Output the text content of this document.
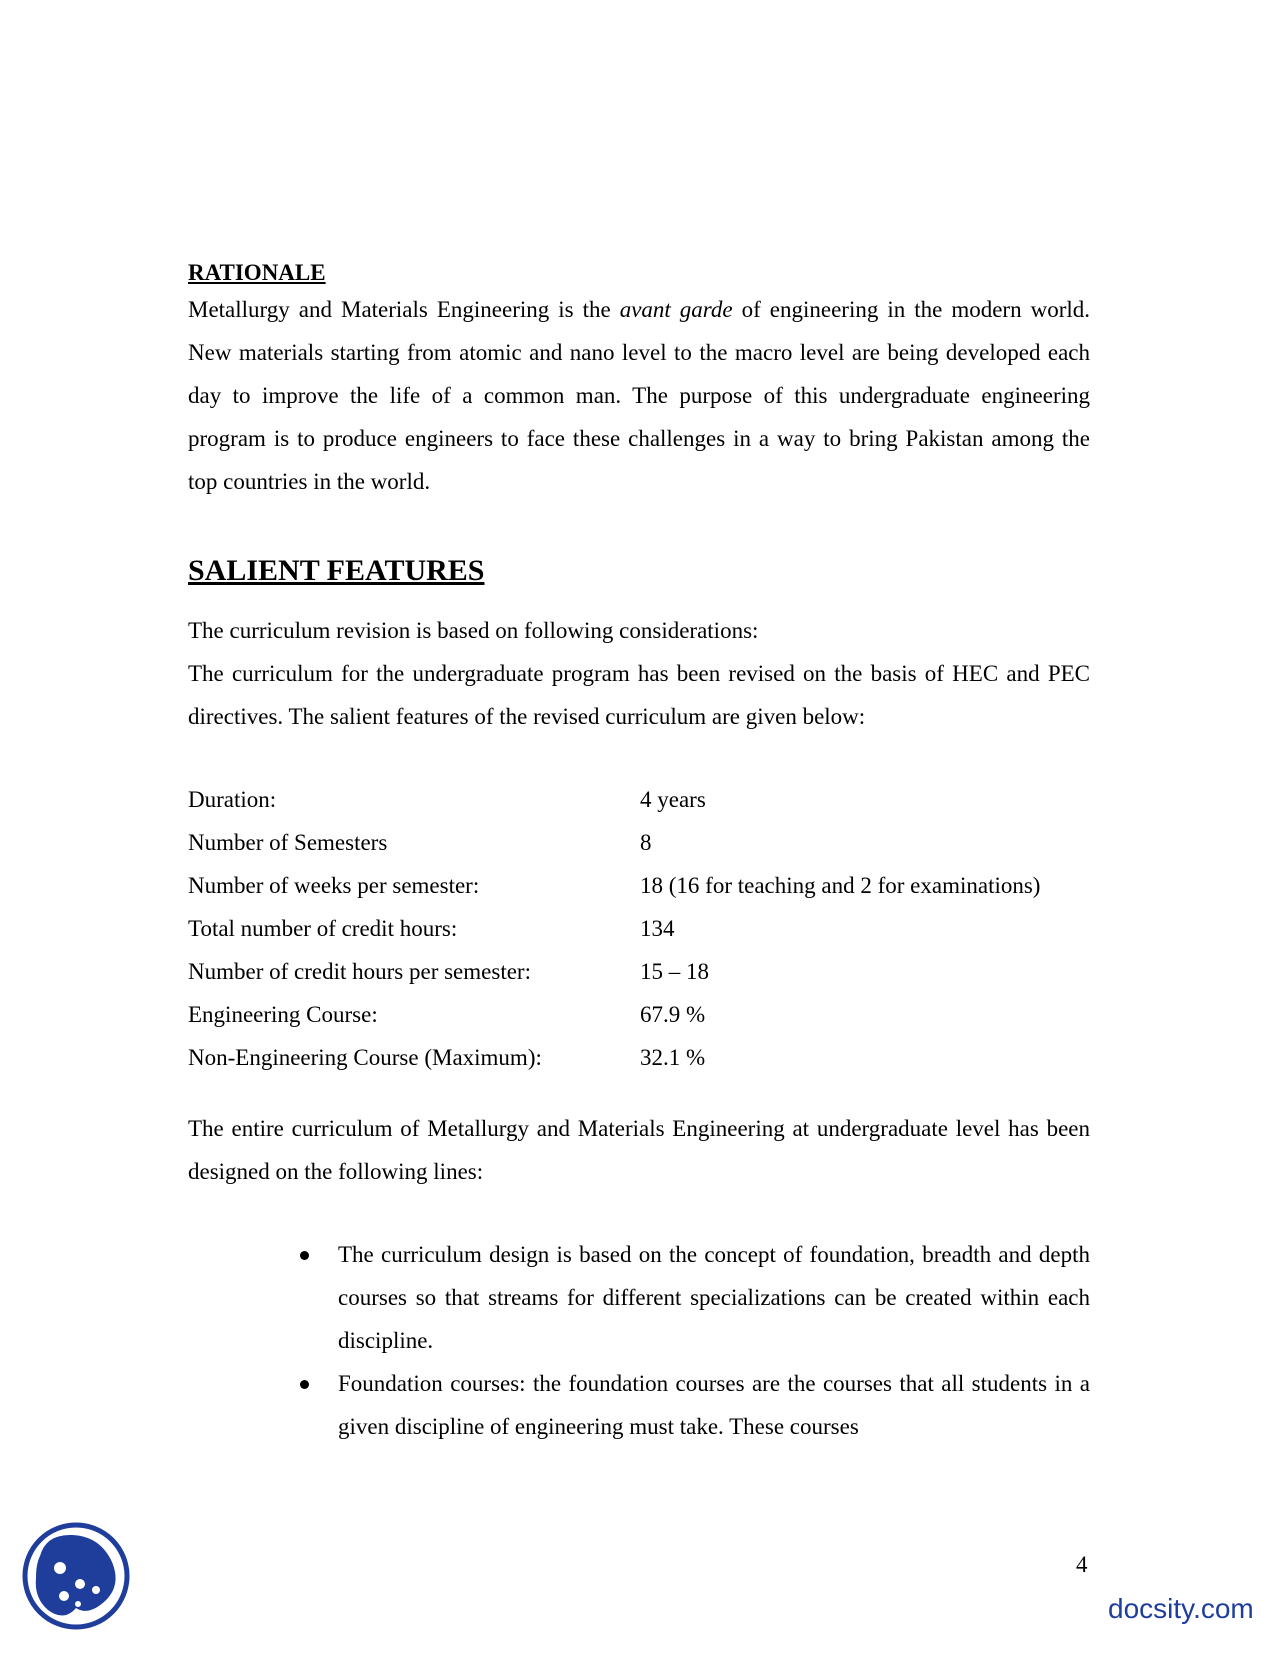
RATIONALE

Metallurgy and Materials Engineering is the avant garde of engineering in the modern world. New materials starting from atomic and nano level to the macro level are being developed each day to improve the life of a common man. The purpose of this undergraduate engineering program is to produce engineers to face these challenges in a way to bring Pakistan among the top countries in the world.

SALIENT FEATURES

The curriculum revision is based on following considerations:

The curriculum for the undergraduate program has been revised on the basis of HEC and PEC directives. The salient features of the revised curriculum are given below:

Duration:	4 years
Number of Semesters	8
Number of weeks per semester:	18 (16 for teaching and 2 for examinations)
Total number of credit hours:	134
Number of credit hours per semester:	15 – 18
Engineering Course:	67.9 %
Non-Engineering Course (Maximum):	32.1 %

The entire curriculum of Metallurgy and Materials Engineering at undergraduate level has been designed on the following lines:

The curriculum design is based on the concept of foundation, breadth and depth courses so that streams for different specializations can be created within each discipline.
Foundation courses: the foundation courses are the courses that all students in a given discipline of engineering must take. These courses
4
docsity.com
